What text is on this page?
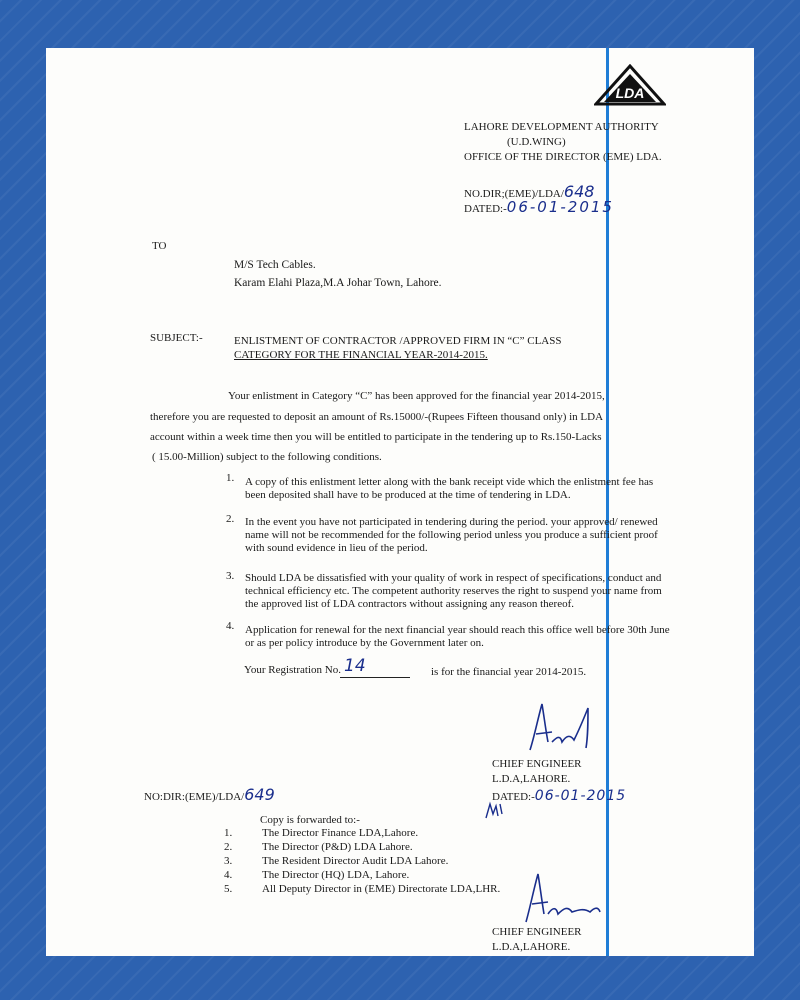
LDA
LAHORE DEVELOPMENT AUTHORITY
(U.D.WING)
OFFICE OF THE DIRECTOR (EME) LDA.
NO.DIR;(EME)/LDA/648
DATED:-06-01-2015
TO
M/S Tech Cables.
Karam Elahi Plaza,M.A Johar Town, Lahore.
SUBJECT:-	ENLISTMENT OF CONTRACTOR /APPROVED FIRM IN “C” CLASS
CATEGORY FOR THE FINANCIAL YEAR-2014-2015.
Your enlistment in Category “C” has been approved for the financial year 2014-2015,
therefore you are requested to deposit an amount of Rs.15000/-(Rupees Fifteen thousand only) in LDA
account within a week time then you will be entitled to participate in the tendering up to Rs.150-Lacks
( 15.00-Million) subject to the following conditions.
1. A copy of this enlistment letter along with the bank receipt vide which the enlistment fee has been deposited shall have to be produced at the time of tendering in LDA.
2. In the event you have not participated in tendering during the period. your approved/ renewed name will not be recommended for the following period unless you produce a sufficient proof with sound evidence in lieu of the period.
3. Should LDA be dissatisfied with your quality of work in respect of specifications, conduct and technical efficiency etc. The competent authority reserves the right to suspend your name from the approved list of LDA contractors without assigning any reason thereof.
4. Application for renewal for the next financial year should reach this office well before 30th June or as per policy introduce by the Government later on.
Your Registration No. 14	is for the financial year 2014-2015.
CHIEF ENGINEER
L.D.A,LAHORE.
DATED:-06-01-2015
NO:DIR:(EME)/LDA/649
Copy is forwarded to:-
1.	The Director Finance LDA,Lahore.
2.	The Director (P&D) LDA Lahore.
3.	The Resident Director Audit LDA Lahore.
4.	The Director (HQ) LDA, Lahore.
5.	All Deputy Director in (EME) Directorate LDA,LHR.
CHIEF ENGINEER
L.D.A,LAHORE.
